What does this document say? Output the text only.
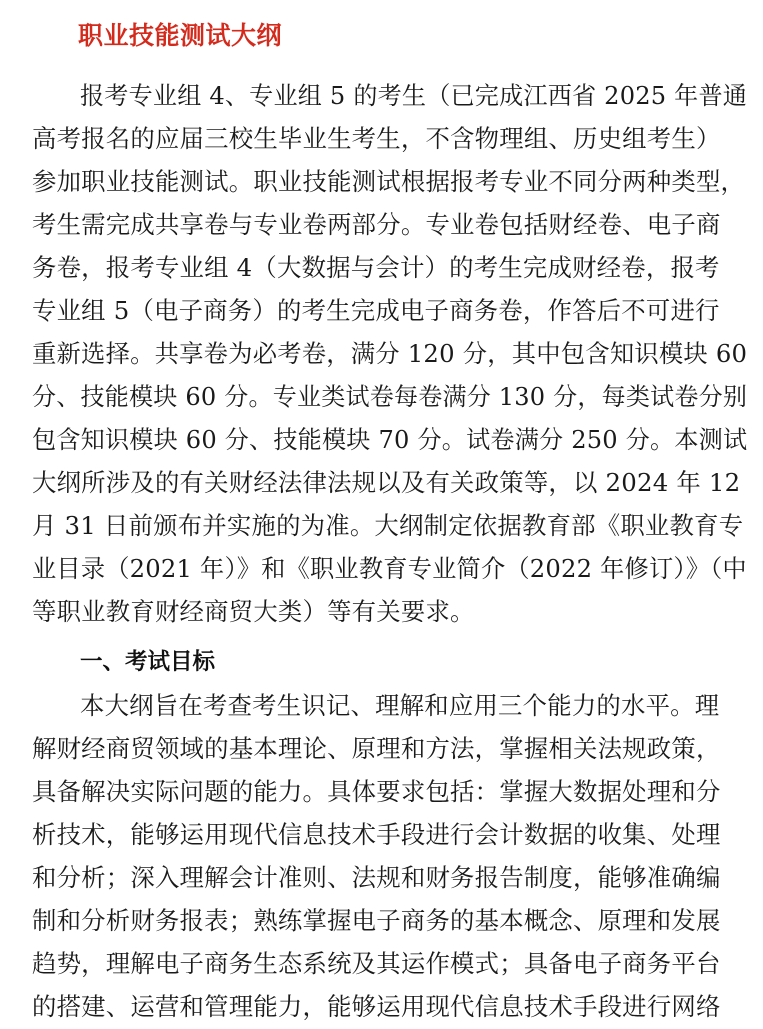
职业技能测试大纲
报考专业组 4、专业组 5 的考生（已完成江西省 2025 年普通
高考报名的应届三校生毕业生考生，不含物理组、历史组考生）
参加职业技能测试。职业技能测试根据报考专业不同分两种类型，
考生需完成共享卷与专业卷两部分。专业卷包括财经卷、电子商
务卷，报考专业组 4（大数据与会计）的考生完成财经卷，报考
专业组 5（电子商务）的考生完成电子商务卷，作答后不可进行
重新选择。共享卷为必考卷，满分 120 分，其中包含知识模块 60
分、技能模块 60 分。专业类试卷每卷满分 130 分，每类试卷分别
包含知识模块 60 分、技能模块 70 分。试卷满分 250 分。本测试
大纲所涉及的有关财经法律法规以及有关政策等，以 2024 年 12
月 31 日前颁布并实施的为准。大纲制定依据教育部《职业教育专
业目录（2021 年）》和《职业教育专业简介（2022 年修订）》（中
等职业教育财经商贸大类）等有关要求。
一、考试目标
本大纲旨在考查考生识记、理解和应用三个能力的水平。理
解财经商贸领域的基本理论、原理和方法，掌握相关法规政策，
具备解决实际问题的能力。具体要求包括：掌握大数据处理和分
析技术，能够运用现代信息技术手段进行会计数据的收集、处理
和分析；深入理解会计准则、法规和财务报告制度，能够准确编
制和分析财务报表；熟练掌握电子商务的基本概念、原理和发展
趋势，理解电子商务生态系统及其运作模式；具备电子商务平台
的搭建、运营和管理能力，能够运用现代信息技术手段进行网络
